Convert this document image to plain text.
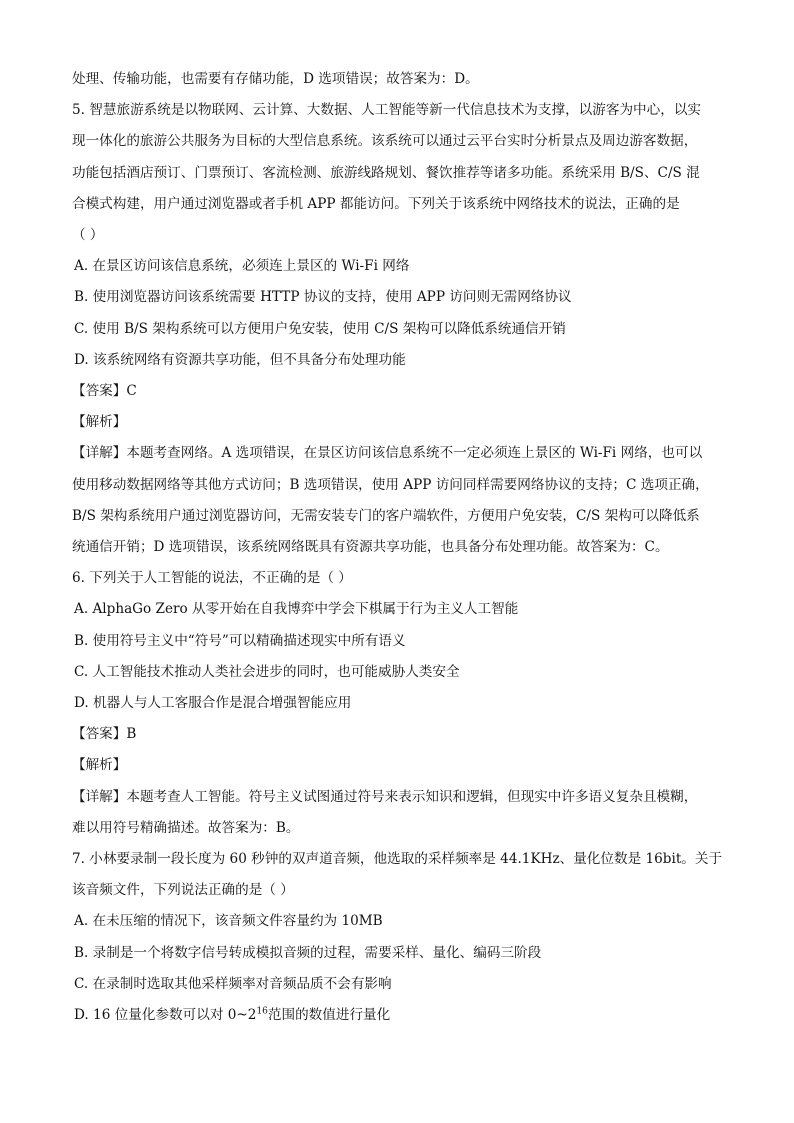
处理、传输功能，也需要有存储功能，D 选项错误；故答案为：D。
5. 智慧旅游系统是以物联网、云计算、大数据、人工智能等新一代信息技术为支撑，以游客为中心，以实
现一体化的旅游公共服务为目标的大型信息系统。该系统可以通过云平台实时分析景点及周边游客数据，
功能包括酒店预订、门票预订、客流检测、旅游线路规划、餐饮推荐等诸多功能。系统采用 B/S、C/S 混
合模式构建，用户通过浏览器或者手机 APP 都能访问。下列关于该系统中网络技术的说法，正确的是
（ ）
A. 在景区访问该信息系统，必须连上景区的 Wi-Fi 网络
B. 使用浏览器访问该系统需要 HTTP 协议的支持，使用 APP 访问则无需网络协议
C. 使用 B/S 架构系统可以方便用户免安装，使用 C/S 架构可以降低系统通信开销
D. 该系统网络有资源共享功能，但不具备分布处理功能
【答案】C
【解析】
【详解】本题考查网络。A 选项错误，在景区访问该信息系统不一定必须连上景区的 Wi-Fi 网络，也可以
使用移动数据网络等其他方式访问；B 选项错误，使用 APP 访问同样需要网络协议的支持；C 选项正确，
B/S 架构系统用户通过浏览器访问，无需安装专门的客户端软件，方便用户免安装，C/S 架构可以降低系
统通信开销；D 选项错误，该系统网络既具有资源共享功能，也具备分布处理功能。故答案为：C。
6. 下列关于人工智能的说法，不正确的是（ ）
A. AlphaGo Zero 从零开始在自我博弈中学会下棋属于行为主义人工智能
B. 使用符号主义中“符号”可以精确描述现实中所有语义
C. 人工智能技术推动人类社会进步的同时，也可能威胁人类安全
D. 机器人与人工客服合作是混合增强智能应用
【答案】B
【解析】
【详解】本题考查人工智能。符号主义试图通过符号来表示知识和逻辑，但现实中许多语义复杂且模糊，
难以用符号精确描述。故答案为：B。
7. 小林要录制一段长度为 60 秒钟的双声道音频，他选取的采样频率是 44.1KHz、量化位数是 16bit。关于
该音频文件，下列说法正确的是（ ）
A. 在未压缩的情况下，该音频文件容量约为 10MB
B. 录制是一个将数字信号转成模拟音频的过程，需要采样、量化、编码三阶段
C. 在录制时选取其他采样频率对音频品质不会有影响
D. 16 位量化参数可以对 $0\sim 2^{16}$范围的数值进行量化
